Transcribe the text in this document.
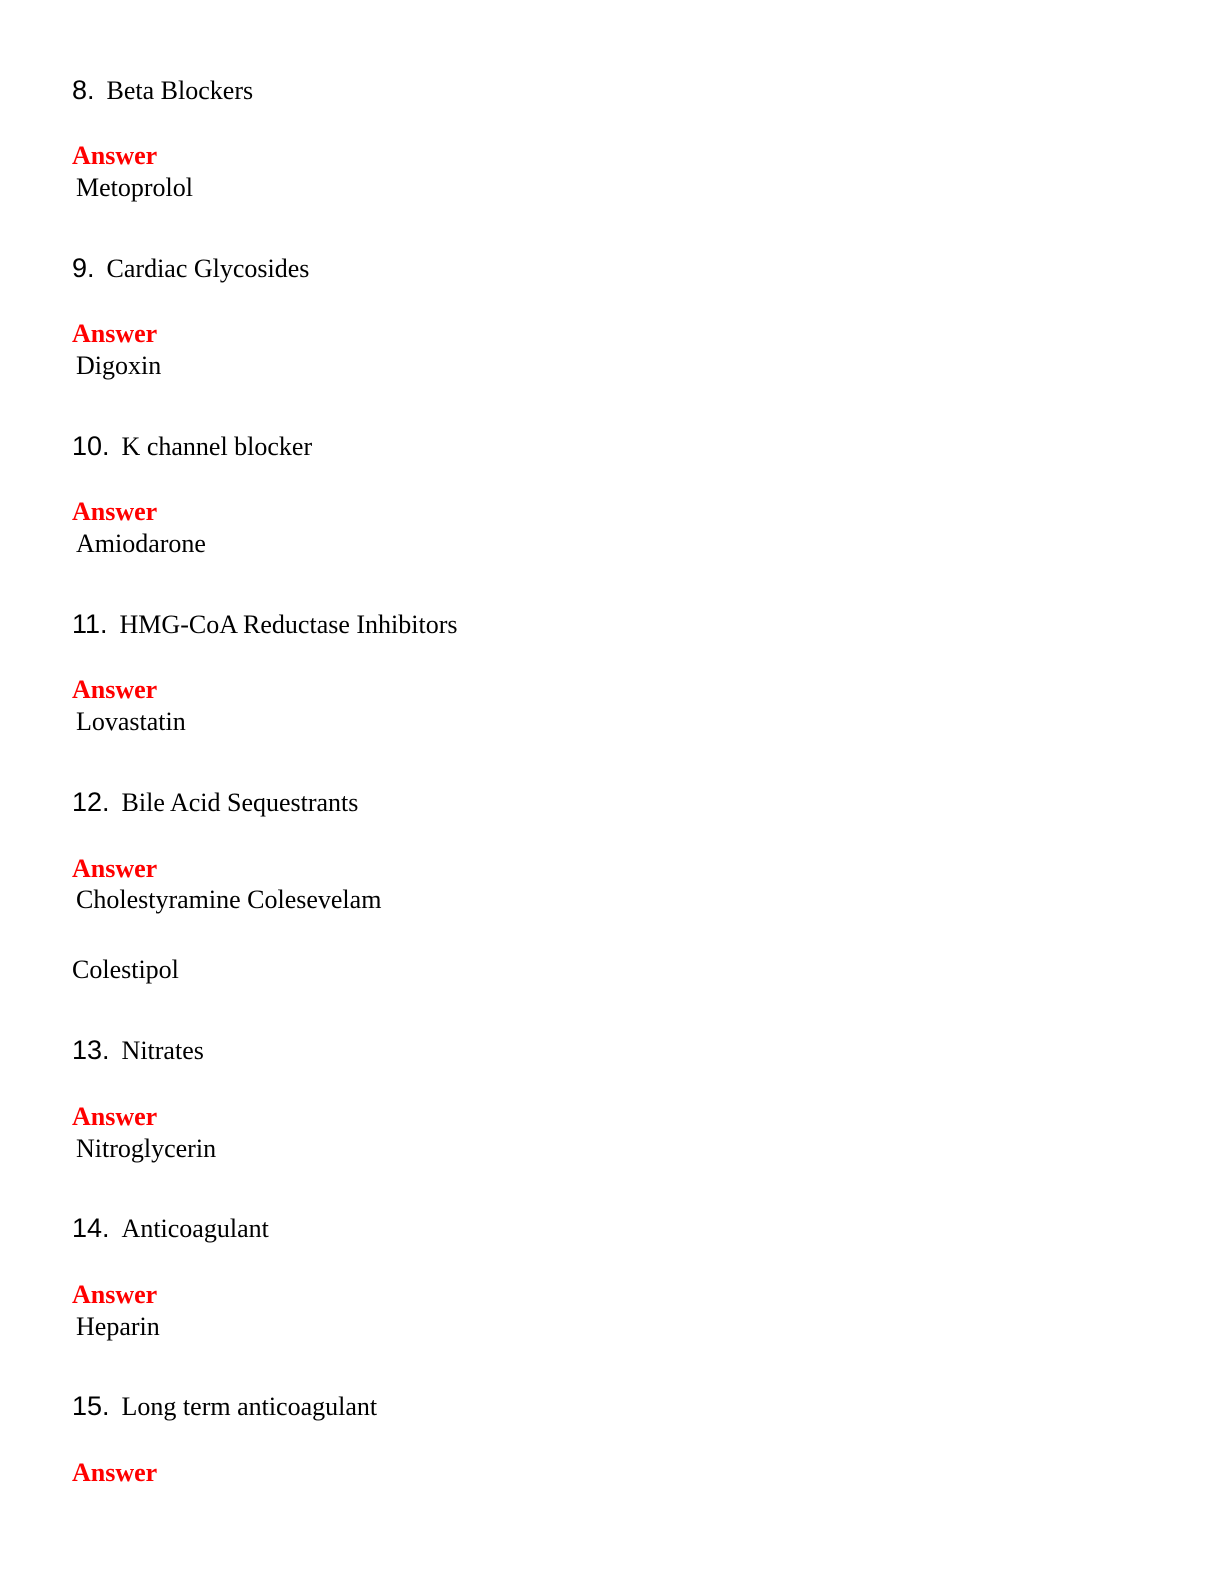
8. Beta Blockers
Answer
Metoprolol
9. Cardiac Glycosides
Answer
Digoxin
10. K channel blocker
Answer
Amiodarone
11. HMG-CoA Reductase Inhibitors
Answer
Lovastatin
12. Bile Acid Sequestrants
Answer
Cholestyramine Colesevelam
Colestipol
13. Nitrates
Answer
Nitroglycerin
14. Anticoagulant
Answer
Heparin
15. Long term anticoagulant
Answer
